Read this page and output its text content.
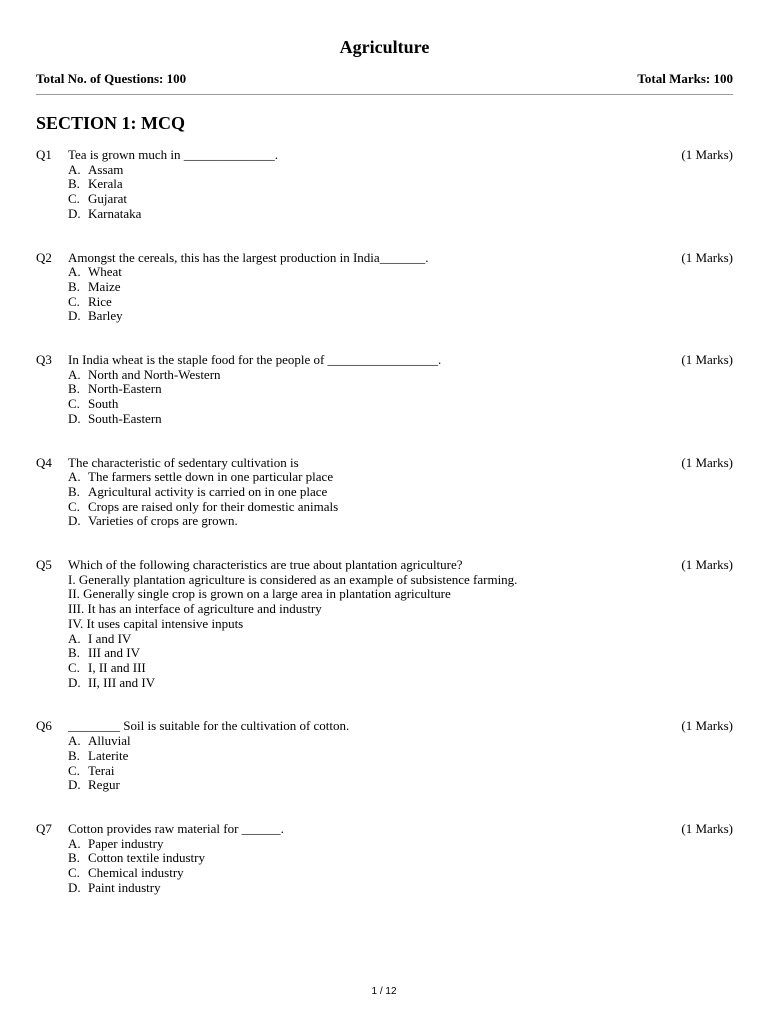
Agriculture
Total No. of Questions: 100	Total Marks: 100
SECTION 1: MCQ
Q1	Tea is grown much in ______________.	(1 Marks)
A. Assam
B. Kerala
C. Gujarat
D. Karnataka
Q2	Amongst the cereals, this has the largest production in India_______.	(1 Marks)
A. Wheat
B. Maize
C. Rice
D. Barley
Q3	In India wheat is the staple food for the people of _________________.	(1 Marks)
A. North and North-Western
B. North-Eastern
C. South
D. South-Eastern
Q4	The characteristic of sedentary cultivation is	(1 Marks)
A. The farmers settle down in one particular place
B. Agricultural activity is carried on in one place
C. Crops are raised only for their domestic animals
D. Varieties of crops are grown.
Q5	Which of the following characteristics are true about plantation agriculture?	(1 Marks)
I. Generally plantation agriculture is considered as an example of subsistence farming.
II. Generally single crop is grown on a large area in plantation agriculture
III. It has an interface of agriculture and industry
IV. It uses capital intensive inputs
A. I and IV
B. III and IV
C. I, II and III
D. II, III and IV
Q6	________ Soil is suitable for the cultivation of cotton.	(1 Marks)
A. Alluvial
B. Laterite
C. Terai
D. Regur
Q7	Cotton provides raw material for ______.	(1 Marks)
A. Paper industry
B. Cotton textile industry
C. Chemical industry
D. Paint industry
1 / 12
